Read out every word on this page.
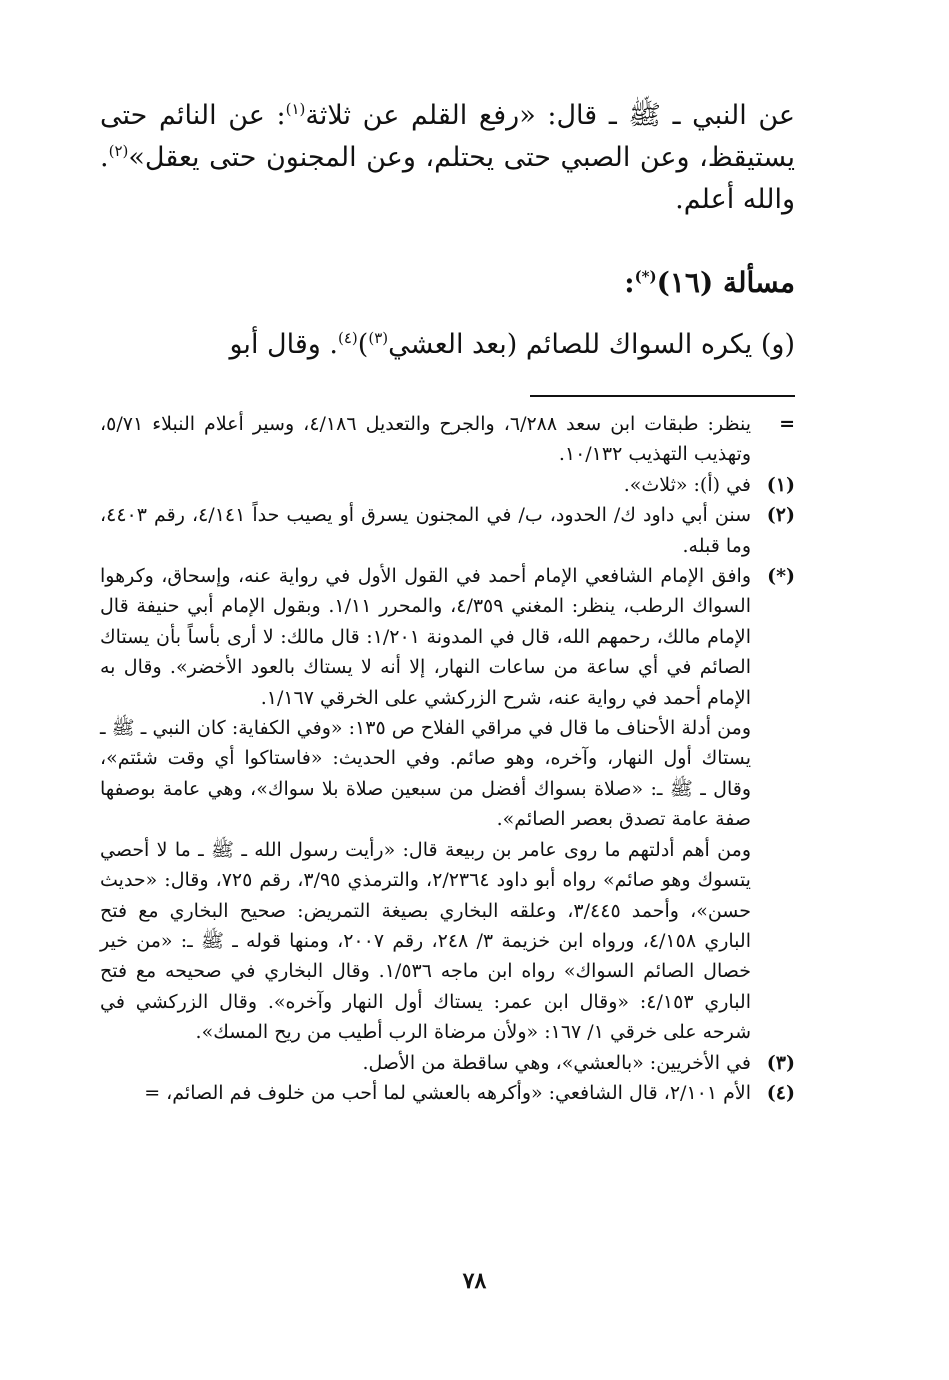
عن النبي ـ ﷺ ـ قال: «رفع القلم عن ثلاثة$^{(١)}$: عن النائم حتى يستيقظ، وعن الصبي حتى يحتلم، وعن المجنون حتى يعقل»$^{(٢)}$. والله أعلم.

مسألة (١٦)(*):

(و) يكره السواك للصائم (بعد العشي$^{(٣)}$)$^{(٤)}$. وقال أبو

=

ينظر: طبقات ابن سعد ٦/٢٨٨، والجرح والتعديل ٤/١٨٦، وسير أعلام النبلاء ٥/٧١، وتهذيب التهذيب ١٠/١٣٢.

(١)

في (أ): «ثلاث».

(٢)

سنن أبي داود ك/ الحدود، ب/ في المجنون يسرق أو يصيب حداً ٤/١٤١، رقم ٤٤٠٣، وما قبله.

(*)

وافق الإمام الشافعي الإمام أحمد في القول الأول في رواية عنه، وإسحاق، وكرهوا السواك الرطب، ينظر: المغني ٤/٣٥٩، والمحرر ١/١١. وبقول الإمام أبي حنيفة قال الإمام مالك، رحمهم الله، قال في المدونة ١/٢٠١: قال مالك: لا أرى بأساً بأن يستاك الصائم في أي ساعة من ساعات النهار، إلا أنه لا يستاك بالعود الأخضر». وقال به الإمام أحمد في رواية عنه، شرح الزركشي على الخرقي ١/١٦٧.

ومن أدلة الأحناف ما قال في مراقي الفلاح ص ١٣٥: «وفي الكفاية: كان النبي ـ ﷺ ـ يستاك أول النهار، وآخره، وهو صائم. وفي الحديث: «فاستاكوا أي وقت شئتم»، وقال ـ ﷺ ـ: «صلاة بسواك أفضل من سبعين صلاة بلا سواك»، وهي عامة بوصفها صفة عامة تصدق بعصر الصائم».

ومن أهم أدلتهم ما روى عامر بن ربيعة قال: «رأيت رسول الله ـ ﷺ ـ ما لا أحصي يتسوك وهو صائم» رواه أبو داود ٢/٢٣٦٤، والترمذي ٣/٩٥، رقم ٧٢٥، وقال: «حديث حسن»، وأحمد ٣/٤٤٥، وعلقه البخاري بصيغة التمريض: صحيح البخاري مع فتح الباري ٤/١٥٨، ورواه ابن خزيمة ٣/ ٢٤٨، رقم ٢٠٠٧، ومنها قوله ـ ﷺ ـ: «من خير خصال الصائم السواك» رواه ابن ماجه ١/٥٣٦. وقال البخاري في صحيحه مع فتح الباري ٤/١٥٣: «وقال ابن عمر: يستاك أول النهار وآخره». وقال الزركشي في شرحه على خرقي ١/ ١٦٧: «ولأن مرضاة الرب أطيب من ريح المسك».

(٣)

في الأخريين: «بالعشي»، وهي ساقطة من الأصل.

(٤)

الأم ٢/١٠١، قال الشافعي: «وأكرهه بالعشي لما أحب من خلوف فم الصائم، =

٧٨
